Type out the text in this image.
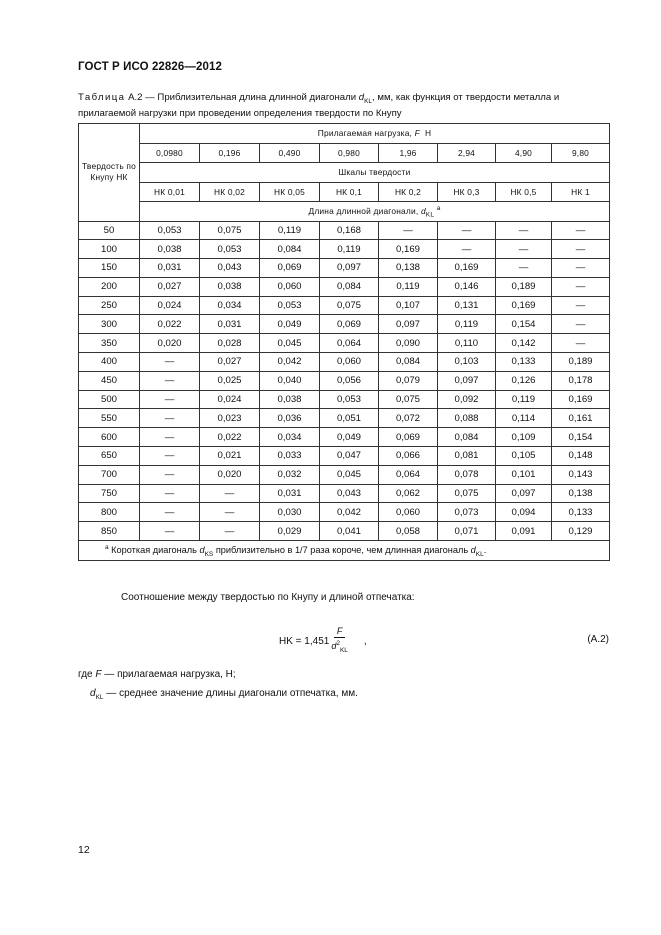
ГОСТ Р ИСО 22826—2012
Таблица А.2 — Приблизительная длина длинной диагонали $d_{KL}$, мм, как функция от твердости металла и прилагаемой нагрузки при проведении определения твердости по Кнупу
Твердость по Кнупу НК	Прилагаемая нагрузка, F Н							
	0,0980	0,196	0,490	0,980	1,96	2,94	4,90	9,80
	Шкалы твердости							
	НК 0,01	НК 0,02	НК 0,05	НК 0,1	НК 0,2	НК 0,3	НК 0,5	НК 1
	Длина длинной диагонали, $d_{KL}$ $^а$
50	0,053	0,075	0,119	0,168	—	—	—	—
100	0,038	0,053	0,084	0,119	0,169	—	—	—
150	0,031	0,043	0,069	0,097	0,138	0,169	—	—
200	0,027	0,038	0,060	0,084	0,119	0,146	0,189	—
250	0,024	0,034	0,053	0,075	0,107	0,131	0,169	—
300	0,022	0,031	0,049	0,069	0,097	0,119	0,154	—
350	0,020	0,028	0,045	0,064	0,090	0,110	0,142	—
400	—	0,027	0,042	0,060	0,084	0,103	0,133	0,189
450	—	0,025	0,040	0,056	0,079	0,097	0,126	0,178
500	—	0,024	0,038	0,053	0,075	0,092	0,119	0,169
550	—	0,023	0,036	0,051	0,072	0,088	0,114	0,161
600	—	0,022	0,034	0,049	0,069	0,084	0,109	0,154
650	—	0,021	0,033	0,047	0,066	0,081	0,105	0,148
700	—	0,020	0,032	0,045	0,064	0,078	0,101	0,143
750	—	—	0,031	0,043	0,062	0,075	0,097	0,138
800	—	—	0,030	0,042	0,060	0,073	0,094	0,133
850	—	—	0,029	0,041	0,058	0,071	0,091	0,129
$^а$ Короткая диагональ $d_{KS}$ приблизительно в 1/7 раза короче, чем длинная диагональ $d_{KL}$.								
Соотношение между твердостью по Кнупу и длиной отпечатка:
HK = $1,451 \frac{F}{d^2_{KL}}$ ,	(А.2)
где F — прилагаемая нагрузка, Н;
$d_{KL}$ — среднее значение длины диагонали отпечатка, мм.
12
